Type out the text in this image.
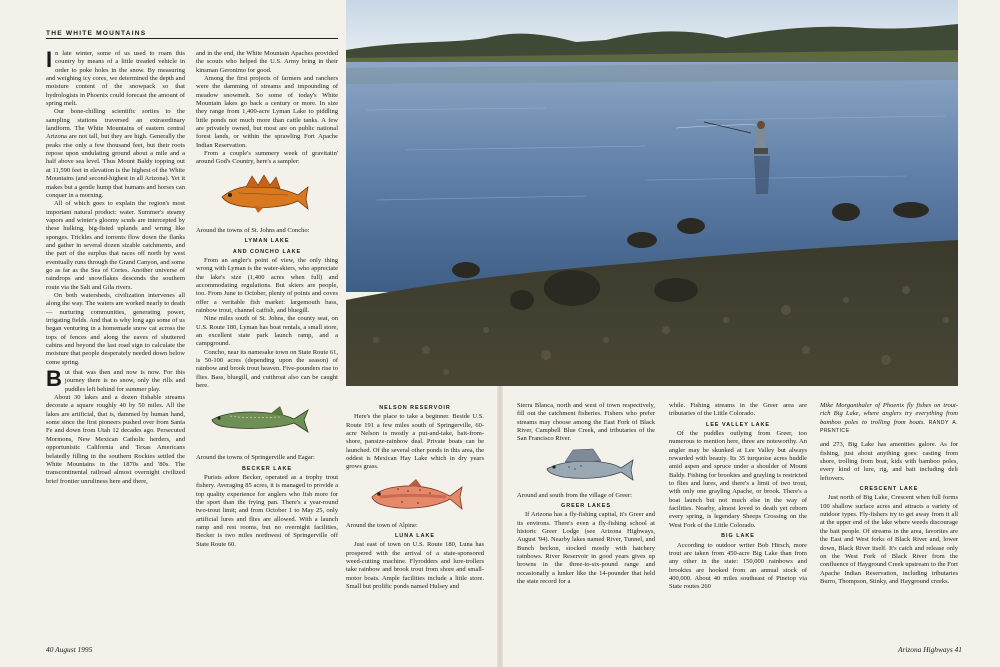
THE WHITE MOUNTAINS

In late winter, some of us used to roam this country by means of a little treaded vehicle in order to poke holes in the snow. By measuring and weighing icy cores, we determined the depth and moisture content of the snowpack so that hydrologists in Phoenix could forecast the amount of spring melt.

Our bone-chilling scientific sorties to the sampling stations traversed an extraordinary landform. The White Mountains of eastern central Arizona are not tall, but they are high. Generally the peaks rise only a few thousand feet, but their roots repose upon undulating ground about a mile and a half above sea level. Thus Mount Baldy topping out at 11,590 feet in elevation is the highest of the White Mountains (and second-highest in all Arizona). Yet it makes but a gentle hump that humans and horses can conquer in a morning.

All of which goes to explain the region's most important natural product: water. Summer's steamy vapors and winter's gloomy scuds are intercepted by these hulking, big-fisted uplands and wrung like sponges. Trickles and torrents flow down the flanks and gather in several dozen sizable catchments, and the part of the surplus that races off north by west eventually runs through the Grand Canyon, and some go as far as the Sea of Cortes. Another universe of raindrops and snowflakes descends the southern route via the Salt and Gila rivers.

On both watersheds, civilization intervenes all along the way. The waters are worked nearly to death — nurturing communities, generating power, irrigating fields. And that is why long ago some of us began venturing in a homemade snow cat across the tops of fences and along the eaves of shuttered cabins and beyond the last road sign to calculate the moisture that people desperately needed down below come spring.

But that was then and now is now. For this journey there is no snow, only the rills and puddles left behind for summer play.

About 30 lakes and a dozen fishable streams decorate a square roughly 40 by 50 miles. All the lakes are artificial, that is, dammed by human hand, some since the first pioneers pushed over from Santa Fe and down from Utah 12 decades ago. Persecuted Mormons, New Mexican Catholic herders, and opportunistic California and Texas Americans belatedly filling in the southern Rockies settled the White Mountains in the 1870s and '80s. The transcontinental railroad almost overnight civilized brief frontier unruliness here and there,

and in the end, the White Mountain Apaches provided the scouts who helped the U.S. Army bring in their kinsman Geronimo for good.

Among the first projects of farmers and ranchers were the damming of streams and impounding of meadow snowmelt. So some of today's White Mountain lakes go back a century or more. In size they range from 1,400-acre Lyman Lake to piddling little ponds not much more than cattle tanks. A few are privately owned, but most are on public national forest lands, or within the sprawling Fort Apache Indian Reservation.

From a couple's summery week of gravitatin' around God's Country, here's a sampler:

Around the towns of St. Johns and Concho:

LYMAN LAKE
AND CONCHO LAKE

From an angler's point of view, the only thing wrong with Lyman is the water-skiers, who appreciate the lake's size (1,400 acres when full) and accommodating regulations. But skiers are people, too. From June to October, plenty of points and coves offer a veritable fish market: largemouth bass, rainbow trout, channel catfish, and bluegill.

Nine miles south of St. Johns, the county seat, on U.S. Route 180, Lyman has boat rentals, a small store, an excellent state park launch ramp, and a campground.

Concho, near its namesake town on State Route 61, is 50-100 acres (depending upon the season) of rainbow and brook trout heaven. Five-pounders rise to flies. Bass, bluegill, and cutthroat also can be caught here.

Around the towns of Springerville and Eagar:

BECKER LAKE

Purists adore Becker, operated as a trophy trout fishery. Averaging 85 acres, it is managed to provide a top quality experience for anglers who fish more for the sport than the frying pan. There's a year-round two-trout limit; and from October 1 to May 25, only artificial lures and flies are allowed. With a launch ramp and rest rooms, but no overnight facilities, Becker is two miles northwest of Springerville off State Route 60.

NELSON RESERVOIR

Here's the place to take a beginner. Beside U.S. Route 191 a few miles south of Springerville, 60-acre Nelson is mostly a put-and-take, bait-from-shore, pansize-rainbow deal. Private boats can be launched. Of the several other ponds in this area, the oddest is Mexican Hay Lake which in dry years grows grass.

Around the town of Alpine:

LUNA LAKE

Just east of town on U.S. Route 180, Luna has prospered with the arrival of a state-sponsored weed-cutting machine. Flyrodders and lure-trollers take rainbow and brook trout from shore and small-motor boats. Ample facilities include a little store. Small but prolific ponds named Hulsey and

40 August 1995

Sierra Blanca, north and west of town respectively, fill out the catchment fisheries. Fishers who prefer streams may choose among the East Fork of Black River, Campbell Blue Creek, and tributaries of the San Francisco River.

Around and south from the village of Greer:

GREER LAKES

If Arizona has a fly-fishing capital, it's Greer and its environs. There's even a fly-fishing school at historic Greer Lodge (see Arizona Highways, August '94). Nearby lakes named River, Tunnel, and Bunch beckon, stocked mostly with hatchery rainbows. River Reservoir in good years gives up browns in the three-to-six-pound range and occasionally a lunker like the 14-pounder that held the state record for a

while. Fishing streams in the Greer area are tributaries of the Little Colorado.

LEE VALLEY LAKE

Of the puddles outlying from Greer, too numerous to mention here, three are noteworthy. An angler may be skunked at Lee Valley but always rewarded with beauty. Its 35 turquoise acres huddle amid aspen and spruce under a shoulder of Mount Baldy. Fishing for brookies and grayling is restricted to flies and lures, and there's a limit of two trout, with only one grayling Apache, or brook. There's a boat launch but not much else in the way of facilities. Nearby, almost loved to death yet reborn every spring, is legendary Sheeps Crossing on the West Fork of the Little Colorado.

BIG LAKE

According to outdoor writer Bob Hirsch, more trout are taken from 450-acre Big Lake than from any other in the state: 150,000 rainbows and brookies are hooked from an annual stock of 400,000. About 40 miles southeast of Pinetop via State routes 260

Mike Morganthaler of Phoenix fly fishes on trout-rich Big Lake, where anglers try everything from bamboo poles to trolling from boats. RANDY A. PRENTICE

and 273, Big Lake has amenities galore. As for fishing, just about anything goes: casting from shore, trolling from boat, kids with bamboo poles, every kind of lure, rig, and bait including deli leftovers.

CRESCENT LAKE

Just north of Big Lake, Crescent when full forms 100 shallow surface acres and attracts a variety of outdoor types. Fly-fishers try to get away from it all at the upper end of the lake where weeds discourage the bait people. Of streams in the area, favorites are the East and West forks of Black River and, lower down, Black River itself. It's catch and release only on the West Fork of Black River from the confluence of Hayground Creek upstream to the Fort Apache Indian Reservation, including tributaries Burro, Thompson, Stinky, and Hayground creeks.

Arizona Highways 41
